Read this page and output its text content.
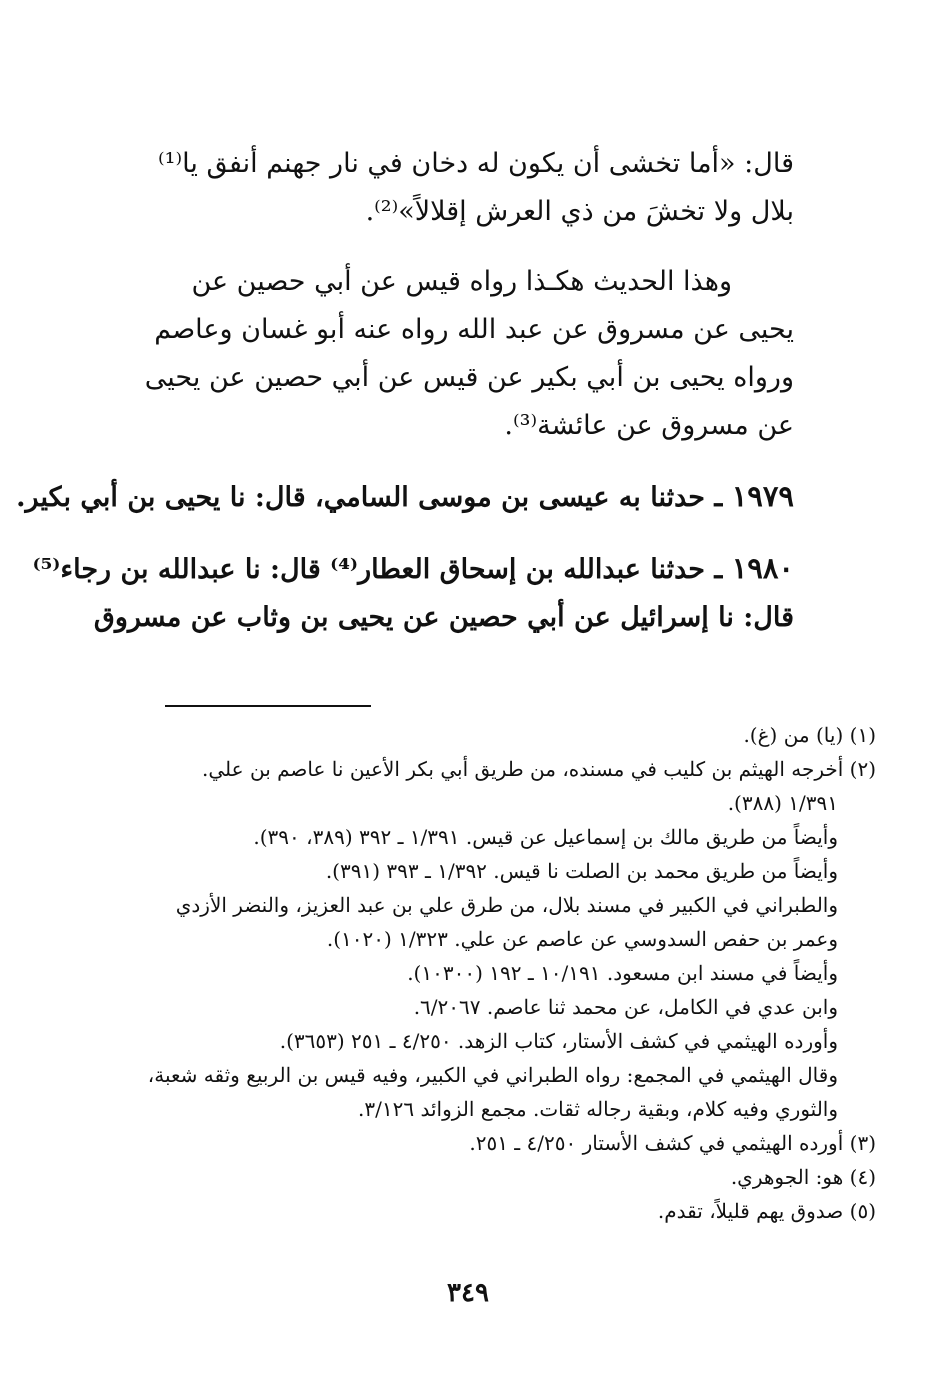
قال: «أما تخشى أن يكون له دخان في نار جهنم أنفق يا⁽¹⁾
بلال ولا تخشَ من ذي العرش إقلالاً»⁽²⁾.
وهذا الحديث هكـذا رواه قيس عن أبي حصين عن
يحيى عن مسروق عن عبد الله رواه عنه أبو غسان وعاصم
ورواه يحيى بن أبي بكير عن قيس عن أبي حصين عن يحيى
عن مسروق عن عائشة⁽³⁾.
١٩٧٩ ـ حدثنا به عيسى بن موسى السامي، قال: نا يحيى بن أبي بكير.
١٩٨٠ ـ حدثنا عبدالله بن إسحاق العطار⁽⁴⁾ قال: نا عبدالله بن رجاء⁽⁵⁾
قال: نا إسرائيل عن أبي حصين عن يحيى بن وثاب عن مسروق
(١) (يا) من (غ).
(٢) أخرجه الهيثم بن كليب في مسنده، من طريق أبي بكر الأعين نا عاصم بن علي.
١/٣٩١ (٣٨٨).
وأيضاً من طريق مالك بن إسماعيل عن قيس. ١/٣٩١ ـ ٣٩٢ (٣٨٩، ٣٩٠).
وأيضاً من طريق محمد بن الصلت نا قيس. ١/٣٩٢ ـ ٣٩٣ (٣٩١).
والطبراني في الكبير في مسند بلال، من طرق علي بن عبد العزيز، والنضر الأزدي
وعمر بن حفص السدوسي عن عاصم عن علي. ١/٣٢٣ (١٠٢٠).
وأيضاً في مسند ابن مسعود. ١٠/١٩١ ـ ١٩٢ (١٠٣٠٠).
وابن عدي في الكامل، عن محمد ثنا عاصم. ٦/٢٠٦٧.
وأورده الهيثمي في كشف الأستار، كتاب الزهد. ٤/٢٥٠ ـ ٢٥١ (٣٦٥٣).
وقال الهيثمي في المجمع: رواه الطبراني في الكبير، وفيه قيس بن الربيع وثقه شعبة،
والثوري وفيه كلام، وبقية رجاله ثقات. مجمع الزوائد ٣/١٢٦.
(٣) أورده الهيثمي في كشف الأستار ٤/٢٥٠ ـ ٢٥١.
(٤) هو: الجوهري.
(٥) صدوق يهم قليلاً، تقدم.
٣٤٩
